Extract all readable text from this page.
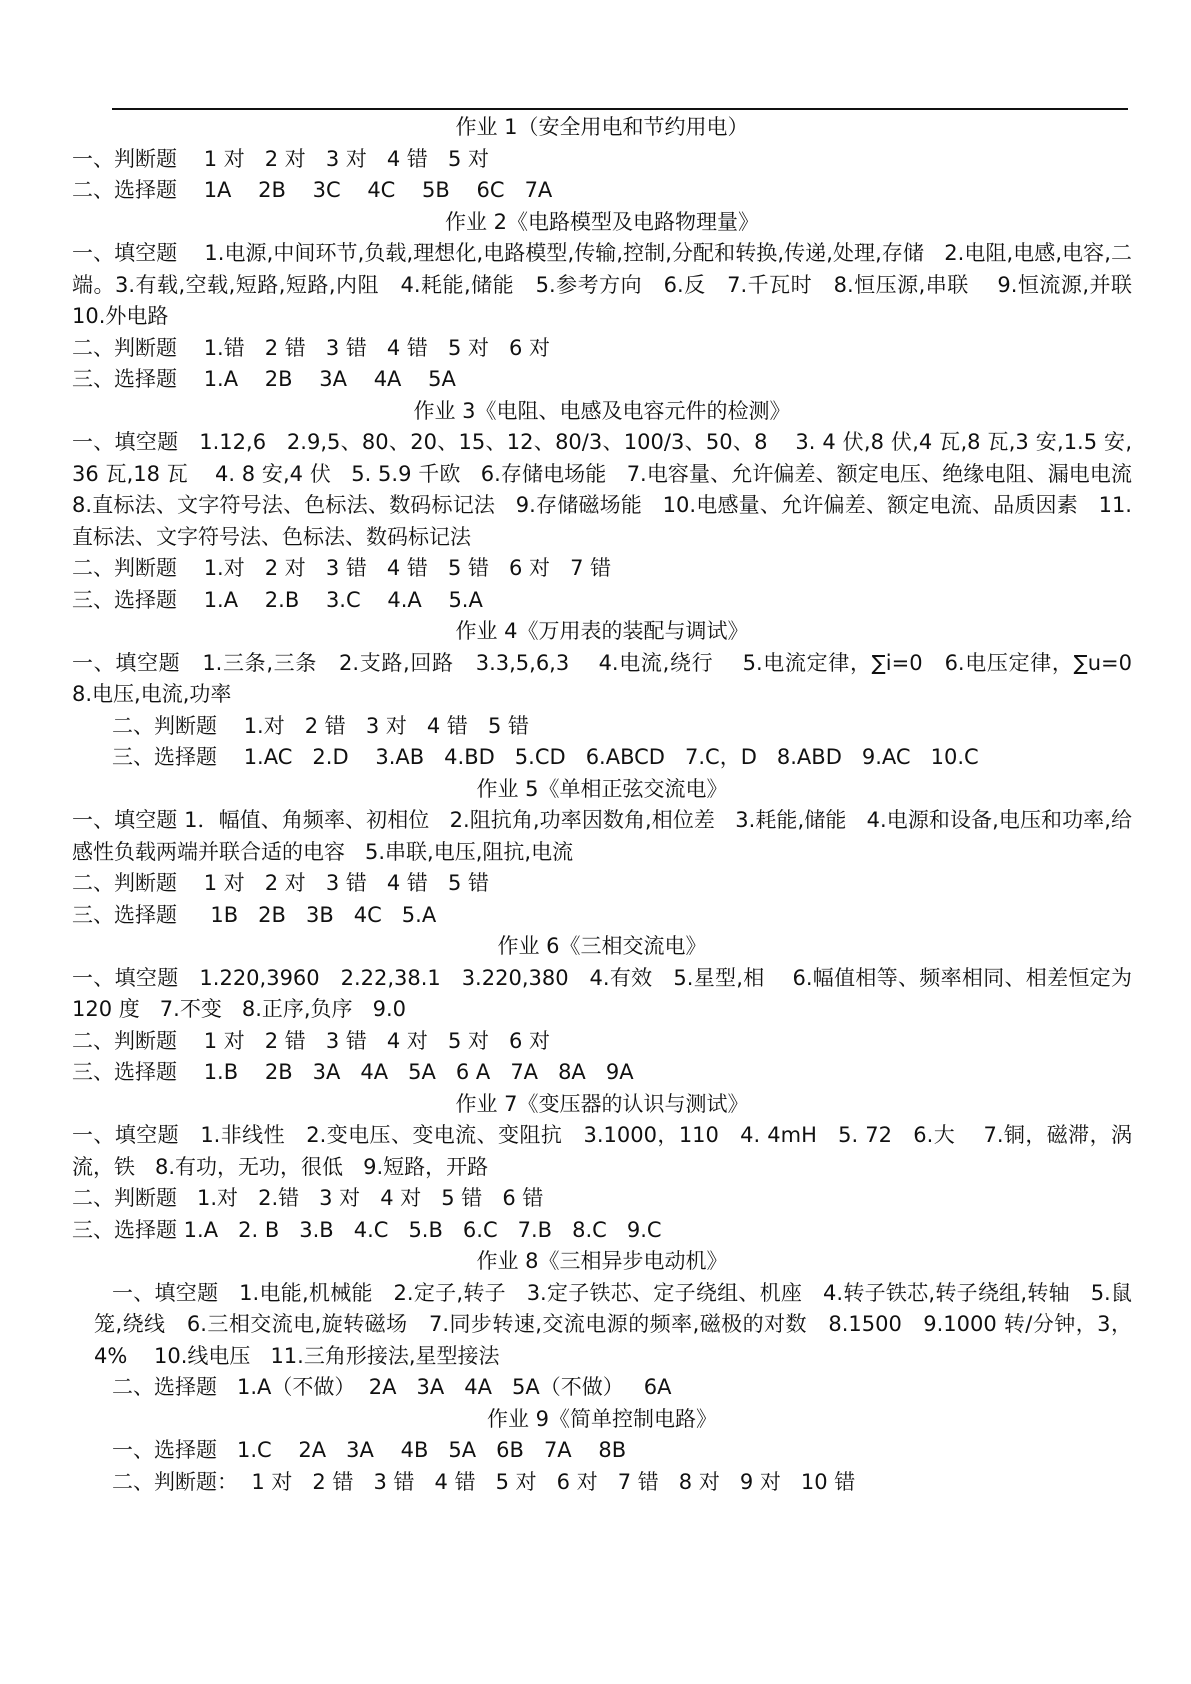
作业 1（安全用电和节约用电）
一、判断题    1 对   2 对   3 对   4 错   5 对
二、选择题    1A    2B    3C    4C    5B    6C   7A
作业 2《电路模型及电路物理量》
一、填空题    1.电源,中间环节,负载,理想化,电路模型,传输,控制,分配和转换,传递,处理,存储   2.电阻,电感,电容,二端。3.有载,空载,短路,短路,内阻   4.耗能,储能   5.参考方向   6.反   7.千瓦时   8.恒压源,串联    9.恒流源,并联   10.外电路
二、判断题    1.错   2 错   3 错   4 错   5 对   6 对
三、选择题    1.A    2B    3A    4A    5A
作业 3《电阻、电感及电容元件的检测》
一、填空题   1.12,6   2.9,5、80、20、15、12、80/3、100/3、50、8    3. 4 伏,8 伏,4 瓦,8 瓦,3 安,1.5 安,36 瓦,18 瓦    4. 8 安,4 伏   5. 5.9 千欧   6.存储电场能   7.电容量、允许偏差、额定电压、绝缘电阻、漏电电流   8.直标法、文字符号法、色标法、数码标记法   9.存储磁场能   10.电感量、允许偏差、额定电流、品质因素   11. 直标法、文字符号法、色标法、数码标记法
二、判断题    1.对   2 对   3 错   4 错   5 错   6 对   7 错
三、选择题    1.A    2.B    3.C    4.A    5.A
作业 4《万用表的装配与调试》
一、填空题   1.三条,三条   2.支路,回路   3.3,5,6,3    4.电流,绕行    5.电流定律，∑i=0   6.电压定律，∑u=0   8.电压,电流,功率
二、判断题    1.对   2 错   3 对   4 错   5 错
三、选择题    1.AC   2.D    3.AB   4.BD   5.CD   6.ABCD   7.C，D   8.ABD   9.AC   10.C
作业 5《单相正弦交流电》
一、填空题 1．幅值、角频率、初相位   2.阻抗角,功率因数角,相位差   3.耗能,储能   4.电源和设备,电压和功率,给感性负载两端并联合适的电容   5.串联,电压,阻抗,电流
二、判断题    1 对   2 对   3 错   4 错   5 错
三、选择题     1B   2B   3B   4C   5.A
作业 6《三相交流电》
一、填空题   1.220,3960   2.22,38.1   3.220,380   4.有效   5.星型,相    6.幅值相等、频率相同、相差恒定为 120 度   7.不变   8.正序,负序   9.0
二、判断题    1 对   2 错   3 错   4 对   5 对   6 对
三、选择题    1.B    2B   3A   4A   5A   6 A   7A   8A   9A
作业 7《变压器的认识与测试》
一、填空题   1.非线性   2.变电压、变电流、变阻抗   3.1000，110   4. 4mH   5. 72   6.大    7.铜，磁滞，涡流，铁   8.有功，无功，很低   9.短路，开路
二、判断题   1.对   2.错   3 对   4 对   5 错   6 错
三、选择题 1.A   2. B   3.B   4.C   5.B   6.C   7.B   8.C   9.C
作业 8《三相异步电动机》
一、填空题   1.电能,机械能   2.定子,转子   3.定子铁芯、定子绕组、机座   4.转子铁芯,转子绕组,转轴   5.鼠笼,绕线   6.三相交流电,旋转磁场   7.同步转速,交流电源的频率,磁极的对数   8.1500   9.1000 转/分钟，3，4%    10.线电压   11.三角形接法,星型接法
二、选择题   1.A（不做）  2A   3A   4A   5A（不做）   6A
作业 9《简单控制电路》
一、选择题   1.C    2A   3A    4B   5A   6B   7A    8B
二、判断题：  1 对   2 错   3 错   4 错   5 对   6 对   7 错   8 对   9 对   10 错
